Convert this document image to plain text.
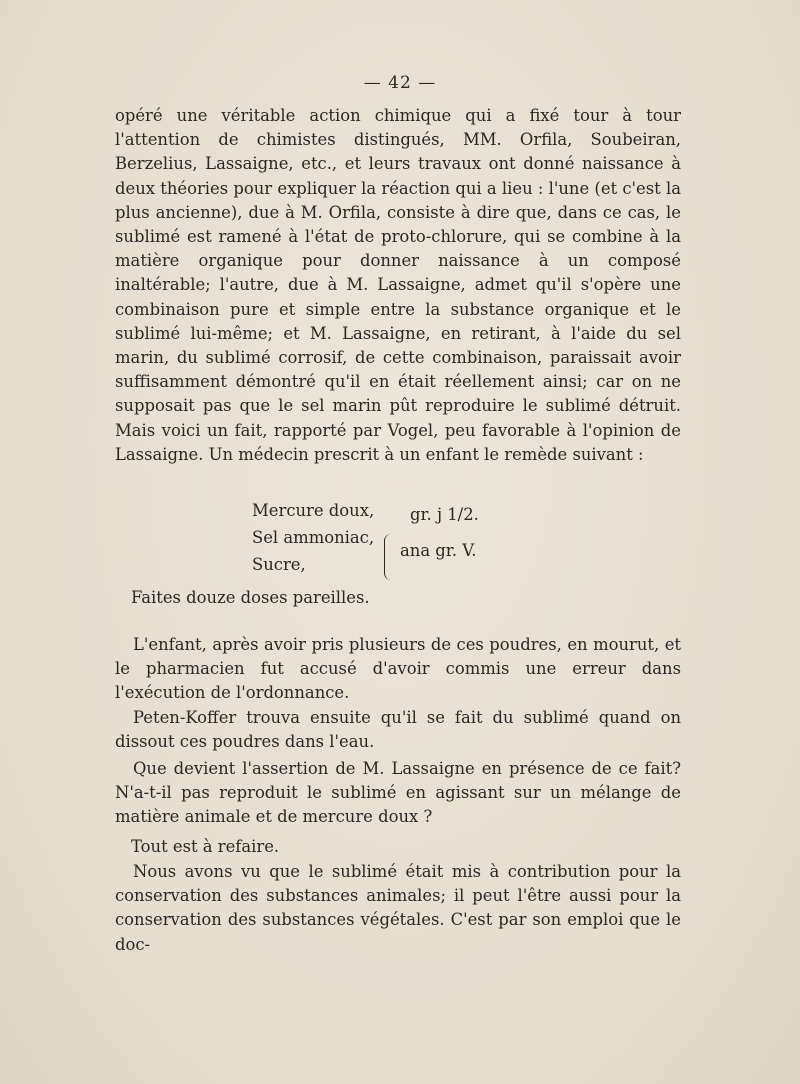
— 42 —

opéré une véritable action chimique qui a fixé tour à tour l'attention de chimistes distingués, MM. Orfila, Soubeiran, Berzelius, Lassaigne, etc., et leurs travaux ont donné naissance à deux théories pour expliquer la réaction qui a lieu : l'une (et c'est la plus ancienne), due à M. Orfila, consiste à dire que, dans ce cas, le sublimé est ramené à l'état de proto-chlorure, qui se combine à la matière organique pour donner naissance à un composé inaltérable; l'autre, due à M. Lassaigne, admet qu'il s'opère une combinaison pure et simple entre la substance organique et le sublimé lui-même; et M. Lassaigne, en retirant, à l'aide du sel marin, du sublimé corrosif, de cette combinaison, paraissait avoir suffisamment démontré qu'il en était réellement ainsi; car on ne supposait pas que le sel marin pût reproduire le sublimé détruit. Mais voici un fait, rapporté par Vogel, peu favorable à l'opinion de Lassaigne. Un médecin prescrit à un enfant le remède suivant :

Mercure doux, gr. j 1/2.
Sel ammoniac,
Sucre,
ana gr. V.
Faites douze doses pareilles.

L'enfant, après avoir pris plusieurs de ces poudres, en mourut, et le pharmacien fut accusé d'avoir commis une erreur dans l'exécution de l'ordonnance.

Peten-Koffer trouva ensuite qu'il se fait du sublimé quand on dissout ces poudres dans l'eau.

Que devient l'assertion de M. Lassaigne en présence de ce fait? N'a-t-il pas reproduit le sublimé en agissant sur un mélange de matière animale et de mercure doux ?

Tout est à refaire.

Nous avons vu que le sublimé était mis à contribution pour la conservation des substances animales; il peut l'être aussi pour la conservation des substances végétales. C'est par son emploi que le doc-
